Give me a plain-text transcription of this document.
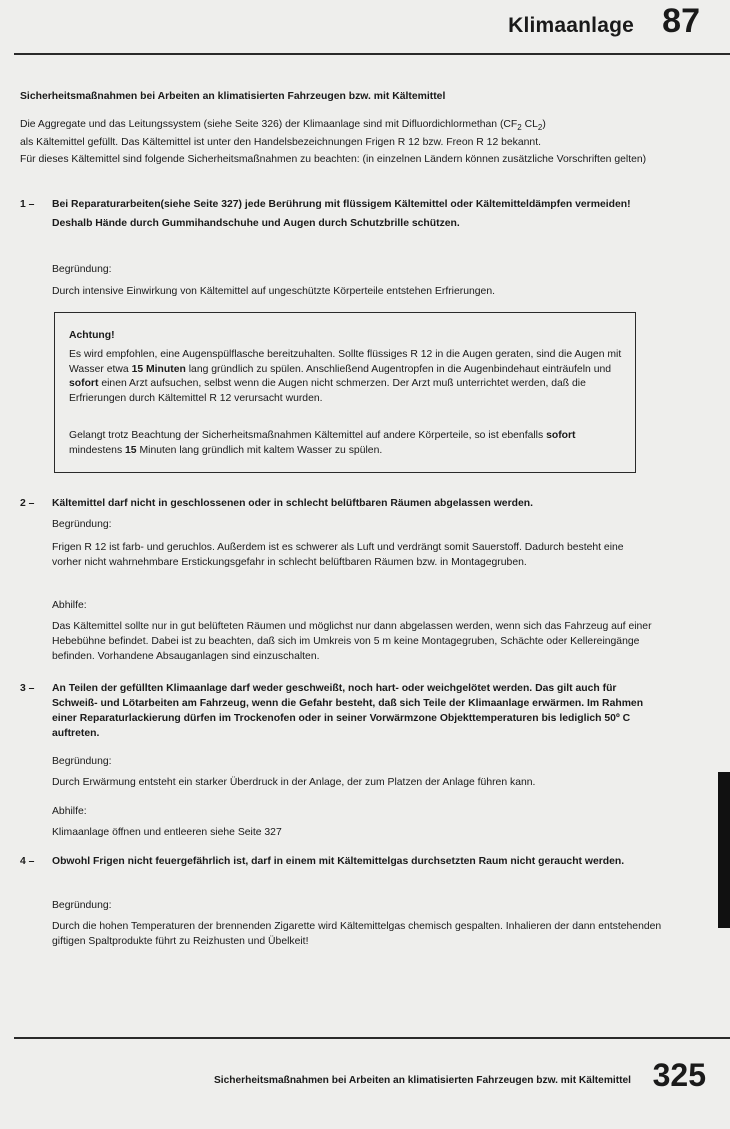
Klimaanlage 87
Sicherheitsmaßnahmen bei Arbeiten an klimatisierten Fahrzeugen bzw. mit Kältemittel
Die Aggregate und das Leitungssystem (siehe Seite 326) der Klimaanlage sind mit Difluordichlormethan ($CF_2$ $CL_2$)
als Kältemittel gefüllt. Das Kältemittel ist unter den Handelsbezeichnungen Frigen R 12 bzw. Freon R 12 bekannt.
Für dieses Kältemittel sind folgende Sicherheitsmaßnahmen zu beachten: (in einzelnen Ländern können zusätzliche Vorschriften gelten)
1 – Bei Reparaturarbeiten(siehe Seite 327) jede Berührung mit flüssigem Kältemittel oder Kältemitteldämpfen vermeiden!
Deshalb Hände durch Gummihandschuhe und Augen durch Schutzbrille schützen.
Begründung:
Durch intensive Einwirkung von Kältemittel auf ungeschützte Körperteile entstehen Erfrierungen.
Achtung!
Es wird empfohlen, eine Augenspülflasche bereitzuhalten. Sollte flüssiges R 12 in die Augen geraten, sind die Augen mit Wasser etwa 15 Minuten lang gründlich zu spülen. Anschließend Augentropfen in die Augenbindehaut einträufeln und sofort einen Arzt aufsuchen, selbst wenn die Augen nicht schmerzen. Der Arzt muß unterrichtet werden, daß die Erfrierungen durch Kältemittel R 12 verursacht wurden.
Gelangt trotz Beachtung der Sicherheitsmaßnahmen Kältemittel auf andere Körperteile, so ist ebenfalls sofort mindestens 15 Minuten lang gründlich mit kaltem Wasser zu spülen.
2 – Kältemittel darf nicht in geschlossenen oder in schlecht belüftbaren Räumen abgelassen werden.
Begründung:
Frigen R 12 ist farb- und geruchlos. Außerdem ist es schwerer als Luft und verdrängt somit Sauerstoff. Dadurch besteht eine vorher nicht wahrnehmbare Erstickungsgefahr in schlecht belüftbaren Räumen bzw. in Montagegruben.
Abhilfe:
Das Kältemittel sollte nur in gut belüfteten Räumen und möglichst nur dann abgelassen werden, wenn sich das Fahrzeug auf einer Hebebühne befindet. Dabei ist zu beachten, daß sich im Umkreis von 5 m keine Montagegruben, Schächte oder Kellereingänge befinden. Vorhandene Absauganlagen sind einzuschalten.
3 – An Teilen der gefüllten Klimaanlage darf weder geschweißt, noch hart- oder weichgelötet werden. Das gilt auch für Schweiß- und Lötarbeiten am Fahrzeug, wenn die Gefahr besteht, daß sich Teile der Klimaanlage erwärmen. Im Rahmen einer Reparaturlackierung dürfen im Trockenofen oder in seiner Vorwärmzone Objekttemperaturen bis lediglich 50º C auftreten.
Begründung:
Durch Erwärmung entsteht ein starker Überdruck in der Anlage, der zum Platzen der Anlage führen kann.
Abhilfe:
Klimaanlage öffnen und entleeren siehe Seite 327
4 – Obwohl Frigen nicht feuergefährlich ist, darf in einem mit Kältemittelgas durchsetzten Raum nicht geraucht werden.
Begründung:
Durch die hohen Temperaturen der brennenden Zigarette wird Kältemittelgas chemisch gespalten. Inhalieren der dann entstehenden giftigen Spaltprodukte führt zu Reizhusten und Übelkeit!
Sicherheitsmaßnahmen bei Arbeiten an klimatisierten Fahrzeugen bzw. mit Kältemittel 325
